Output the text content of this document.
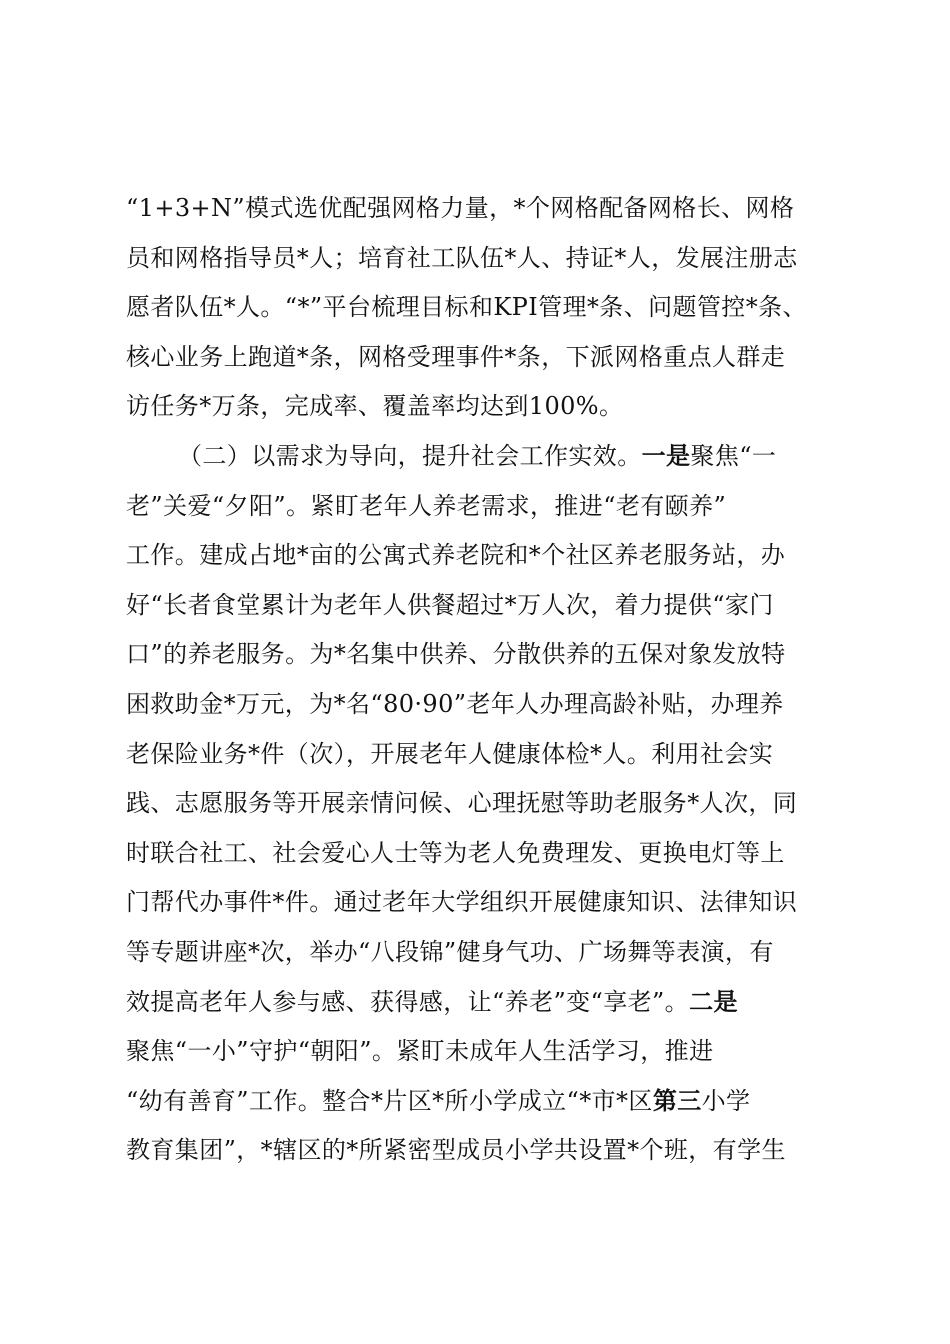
“1+3+N”模式选优配强网格力量，*个网格配备网格长、网格
员和网格指导员*人；培育社工队伍*人、持证*人，发展注册志
愿者队伍*人。“*”平台梳理目标和KPI管理*条、问题管控*条、
核心业务上跑道*条，网格受理事件*条，下派网格重点人群走
访任务*万条，完成率、覆盖率均达到100%。
（二）以需求为导向，提升社会工作实效。一是聚焦“一
老”关爱“夕阳”。紧盯老年人养老需求，推进“老有颐养”
工作。建成占地*亩的公寓式养老院和*个社区养老服务站，办
好“长者食堂累计为老年人供餐超过*万人次，着力提供“家门
口”的养老服务。为*名集中供养、分散供养的五保对象发放特
困救助金*万元，为*名“80·90”老年人办理高龄补贴，办理养
老保险业务*件（次），开展老年人健康体检*人。利用社会实
践、志愿服务等开展亲情问候、心理抚慰等助老服务*人次，同
时联合社工、社会爱心人士等为老人免费理发、更换电灯等上
门帮代办事件*件。通过老年大学组织开展健康知识、法律知识
等专题讲座*次，举办“八段锦”健身气功、广场舞等表演，有
效提高老年人参与感、获得感，让“养老”变“享老”。二是
聚焦“一小”守护“朝阳”。紧盯未成年人生活学习，推进
“幼有善育”工作。整合*片区*所小学成立“*市*区第三小学
教育集团”，*辖区的*所紧密型成员小学共设置*个班，有学生
